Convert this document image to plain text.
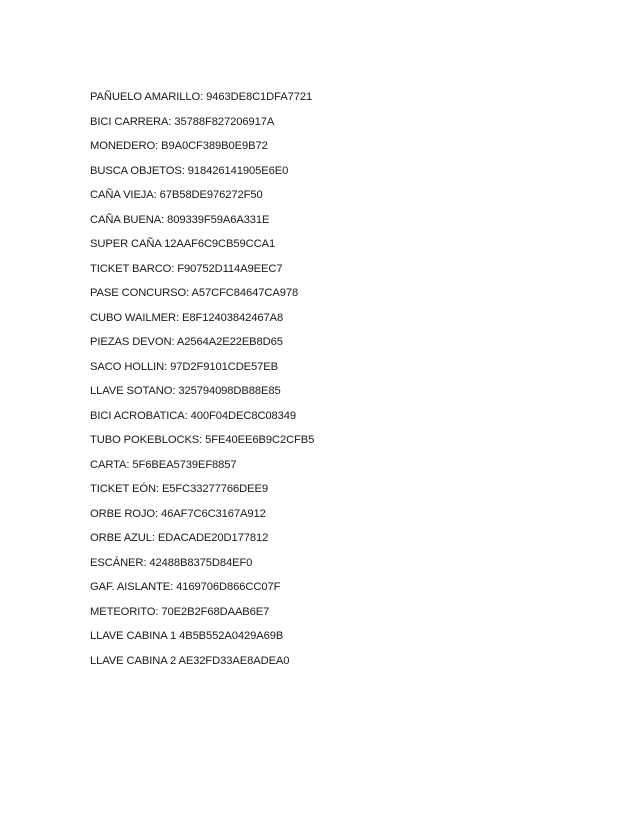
PAÑUELO AMARILLO: 9463DE8C1DFA7721
BICI CARRERA: 35788F827206917A
MONEDERO: B9A0CF389B0E9B72
BUSCA OBJETOS: 918426141905E6E0
CAÑA VIEJA: 67B58DE976272F50
CAÑA BUENA: 809339F59A6A331E
SUPER CAÑA 12AAF6C9CB59CCA1
TICKET BARCO: F90752D114A9EEC7
PASE CONCURSO: A57CFC84647CA978
CUBO WAILMER: E8F12403842467A8
PIEZAS DEVON: A2564A2E22EB8D65
SACO HOLLIN: 97D2F9101CDE57EB
LLAVE SOTANO: 325794098DB88E85
BICI ACROBATICA: 400F04DEC8C08349
TUBO POKEBLOCKS: 5FE40EE6B9C2CFB5
CARTA: 5F6BEA5739EF8857
TICKET EÓN: E5FC33277766DEE9
ORBE ROJO: 46AF7C6C3167A912
ORBE AZUL: EDACADE20D177812
ESCÁNER: 42488B8375D84EF0
GAF. AISLANTE: 4169706D866CC07F
METEORITO: 70E2B2F68DAAB6E7
LLAVE CABINA 1 4B5B552A0429A69B
LLAVE CABINA 2 AE32FD33AE8ADEA0
